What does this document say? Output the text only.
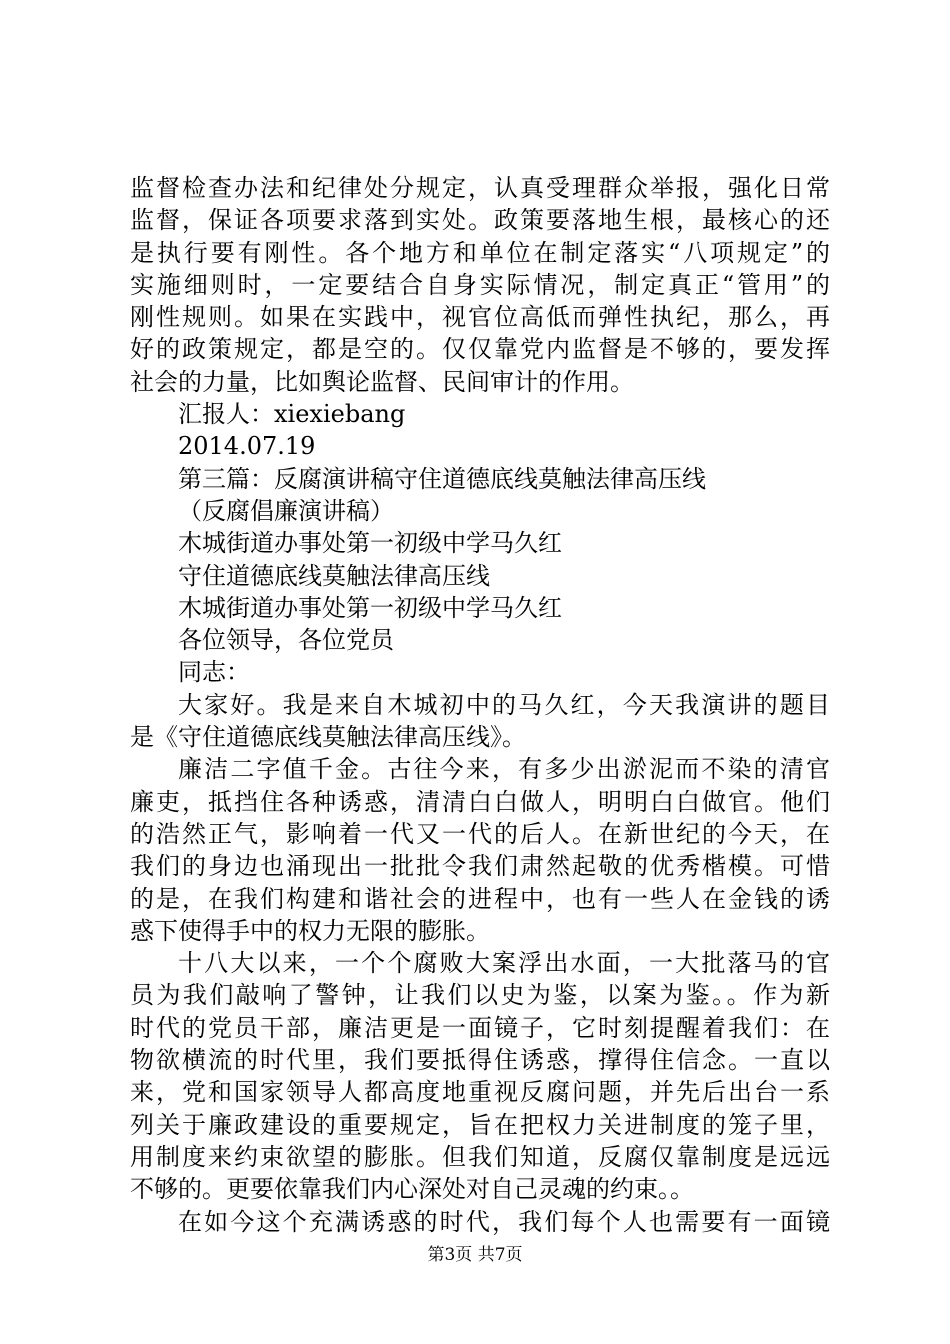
监督检查办法和纪律处分规定，认真受理群众举报，强化日常
监督，保证各项要求落到实处。政策要落地生根，最核心的还
是执行要有刚性。各个地方和单位在制定落实“八项规定”的
实施细则时，一定要结合自身实际情况，制定真正“管用”的
刚性规则。如果在实践中，视官位高低而弹性执纪，那么，再
好的政策规定，都是空的。仅仅靠党内监督是不够的，要发挥
社会的力量，比如舆论监督、民间审计的作用。
汇报人：xiexiebang
2014.07.19
第三篇：反腐演讲稿守住道德底线莫触法律高压线
（反腐倡廉演讲稿）
木城街道办事处第一初级中学马久红
守住道德底线莫触法律高压线
木城街道办事处第一初级中学马久红
各位领导，各位党员
同志：
大家好。我是来自木城初中的马久红，今天我演讲的题目
是《守住道德底线莫触法律高压线》。
廉洁二字值千金。古往今来，有多少出淤泥而不染的清官
廉吏，抵挡住各种诱惑，清清白白做人，明明白白做官。他们
的浩然正气，影响着一代又一代的后人。在新世纪的今天，在
我们的身边也涌现出一批批令我们肃然起敬的优秀楷模。可惜
的是，在我们构建和谐社会的进程中，也有一些人在金钱的诱
惑下使得手中的权力无限的膨胀。
十八大以来，一个个腐败大案浮出水面，一大批落马的官
员为我们敲响了警钟，让我们以史为鉴，以案为鉴。。作为新
时代的党员干部，廉洁更是一面镜子，它时刻提醒着我们：在
物欲横流的时代里，我们要抵得住诱惑，撑得住信念。一直以
来，党和国家领导人都高度地重视反腐问题，并先后出台一系
列关于廉政建设的重要规定，旨在把权力关进制度的笼子里，
用制度来约束欲望的膨胀。但我们知道，反腐仅靠制度是远远
不够的。更要依靠我们内心深处对自己灵魂的约束。。
在如今这个充满诱惑的时代，我们每个人也需要有一面镜
第3页 共7页
